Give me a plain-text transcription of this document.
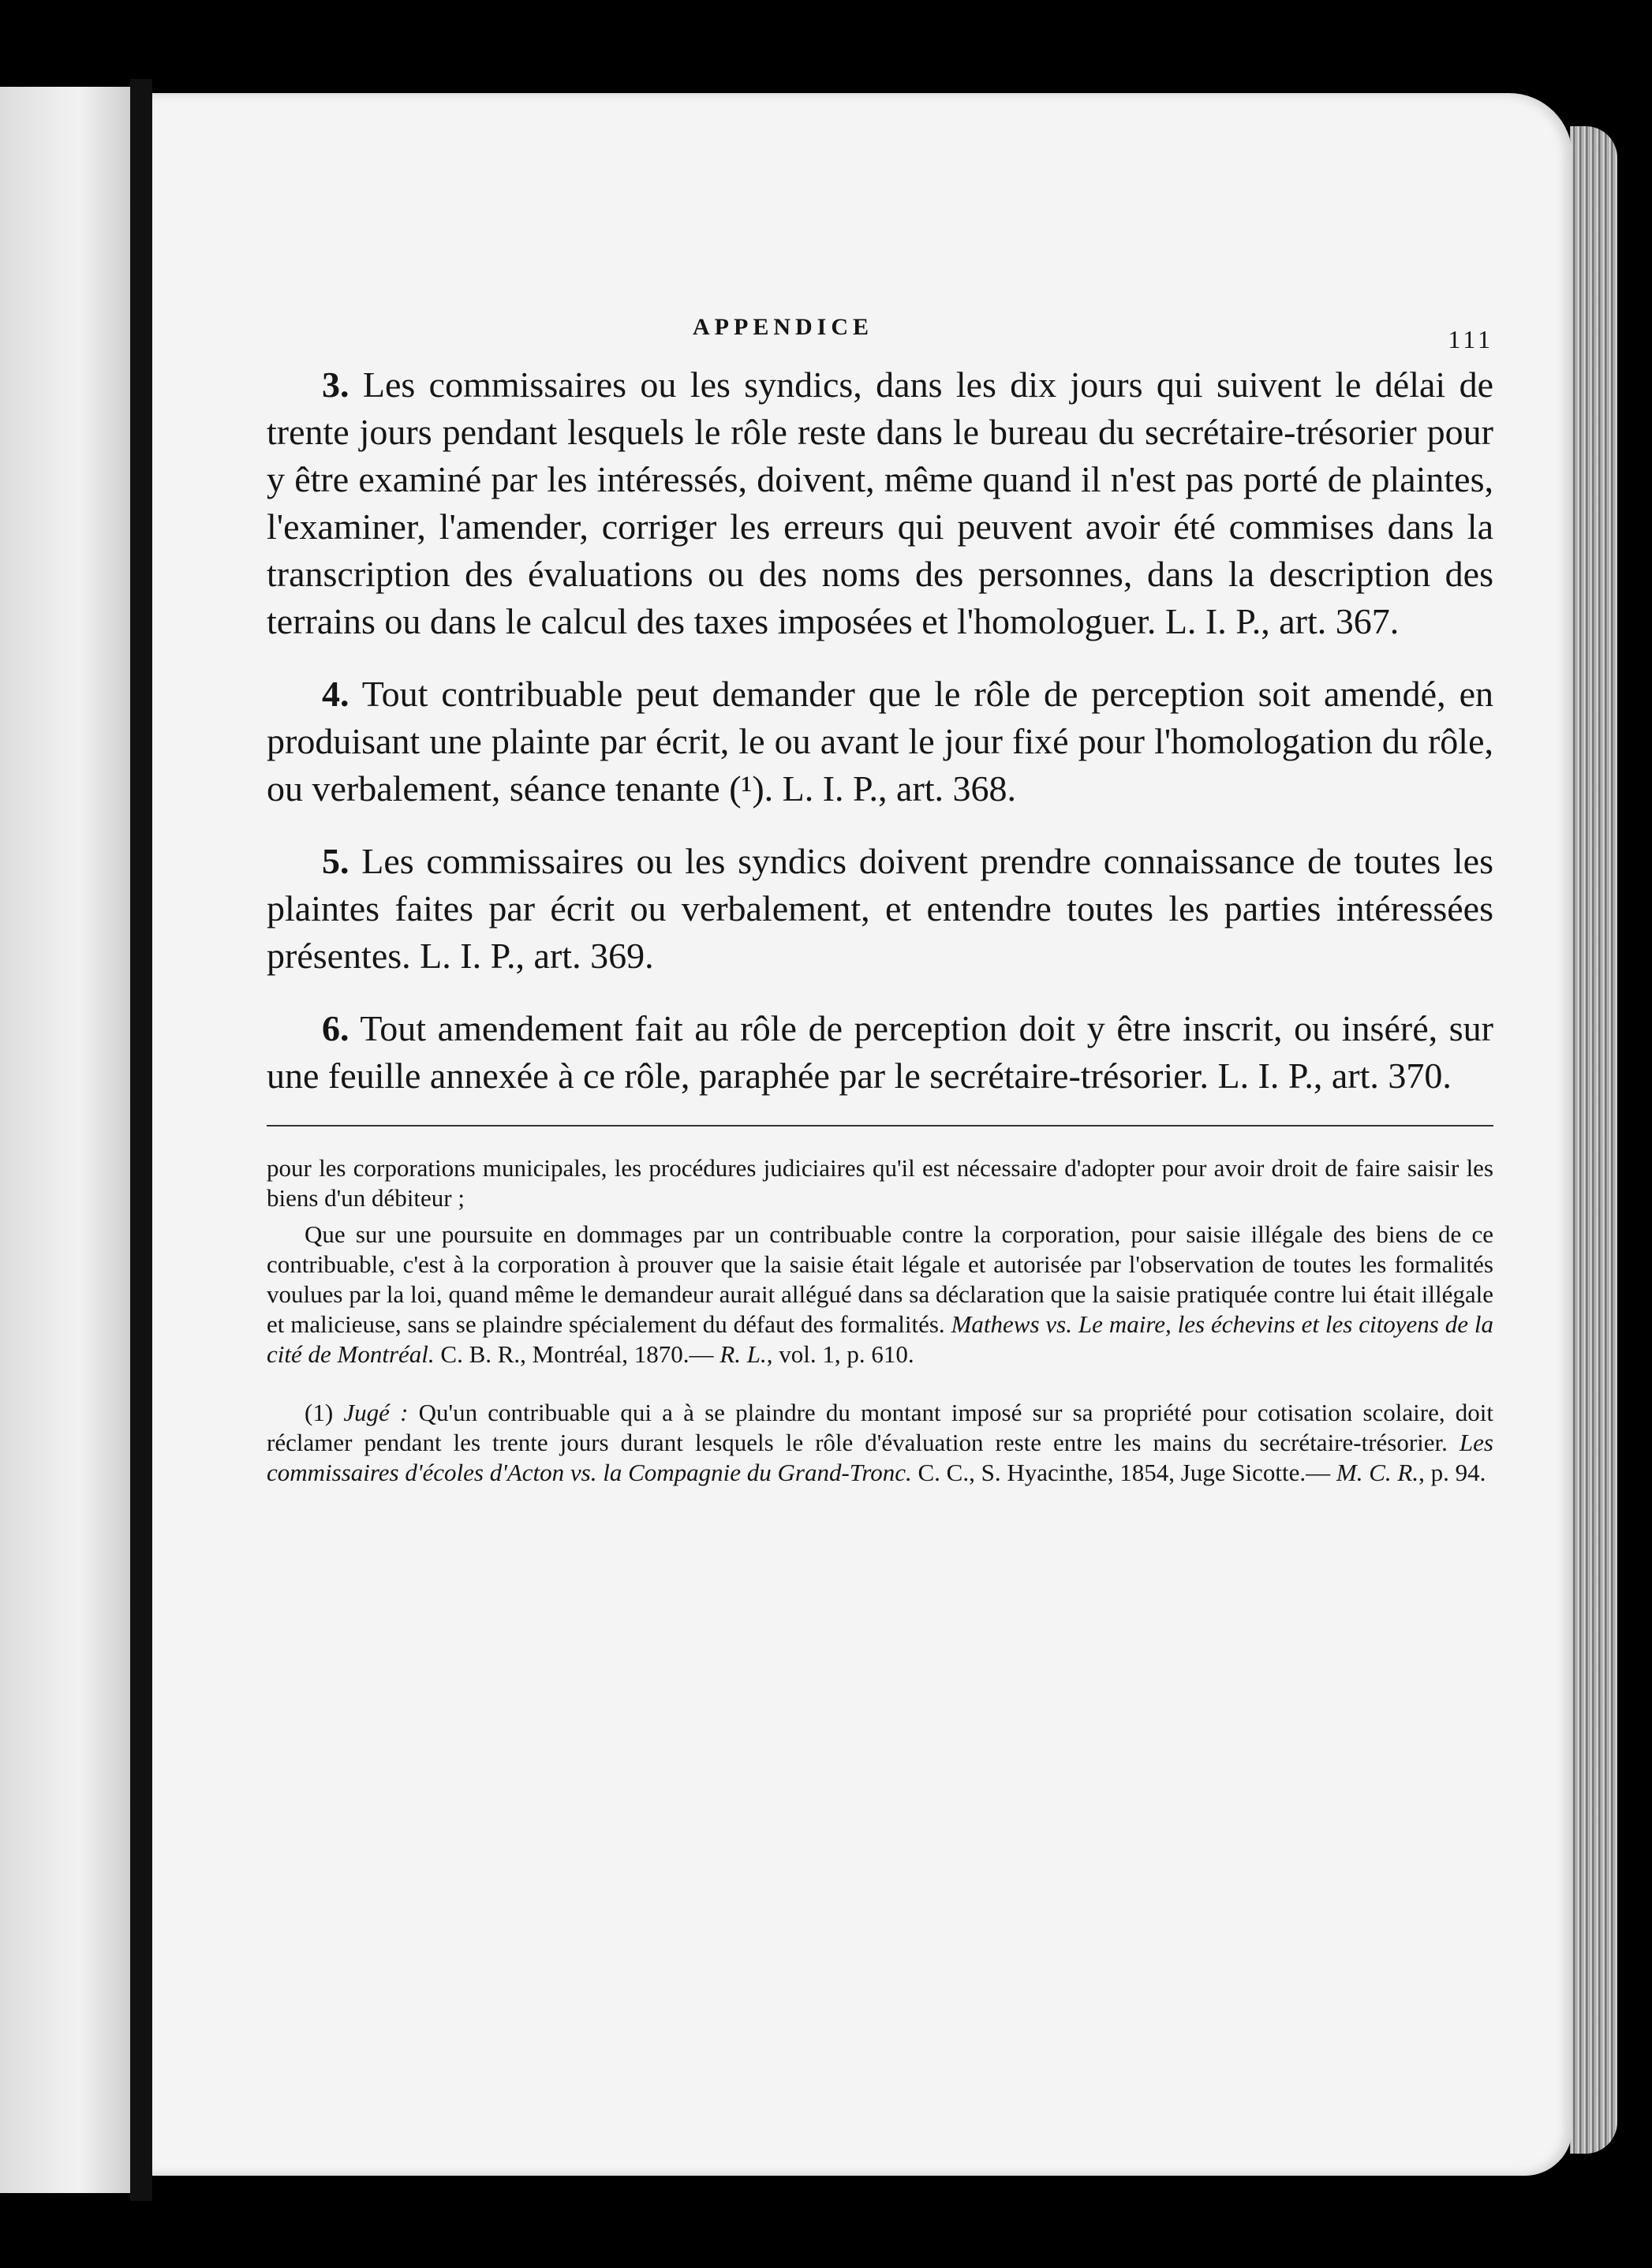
APPENDICE	111

3. Les commissaires ou les syndics, dans les dix jours qui suivent le délai de trente jours pendant lesquels le rôle reste dans le bureau du secrétaire-trésorier pour y être examiné par les intéressés, doivent, même quand il n'est pas porté de plaintes, l'examiner, l'amender, corriger les erreurs qui peuvent avoir été commises dans la transcription des évaluations ou des noms des personnes, dans la description des terrains ou dans le calcul des taxes imposées et l'homologuer. L. I. P., art. 367.

4. Tout contribuable peut demander que le rôle de perception soit amendé, en produisant une plainte par écrit, le ou avant le jour fixé pour l'homologation du rôle, ou verbalement, séance tenante (¹). L. I. P., art. 368.

5. Les commissaires ou les syndics doivent prendre connaissance de toutes les plaintes faites par écrit ou verbalement, et entendre toutes les parties intéressées présentes. L. I. P., art. 369.

6. Tout amendement fait au rôle de perception doit y être inscrit, ou inséré, sur une feuille annexée à ce rôle, paraphée par le secrétaire-trésorier. L. I. P., art. 370.

pour les corporations municipales, les procédures judiciaires qu'il est nécessaire d'adopter pour avoir droit de faire saisir les biens d'un débiteur ;

Que sur une poursuite en dommages par un contribuable contre la corporation, pour saisie illégale des biens de ce contribuable, c'est à la corporation à prouver que la saisie était légale et autorisée par l'observation de toutes les formalités voulues par la loi, quand même le demandeur aurait allégué dans sa déclaration que la saisie pratiquée contre lui était illégale et malicieuse, sans se plaindre spécialement du défaut des formalités. Mathews vs. Le maire, les échevins et les citoyens de la cité de Montréal. C. B. R., Montréal, 1870.— R. L., vol. 1, p. 610.

(1) Jugé : Qu'un contribuable qui a à se plaindre du montant imposé sur sa propriété pour cotisation scolaire, doit réclamer pendant les trente jours durant lesquels le rôle d'évaluation reste entre les mains du secrétaire-trésorier. Les commissaires d'écoles d'Acton vs. la Compagnie du Grand-Tronc. C. C., S. Hyacinthe, 1854, Juge Sicotte.— M. C. R., p. 94.
